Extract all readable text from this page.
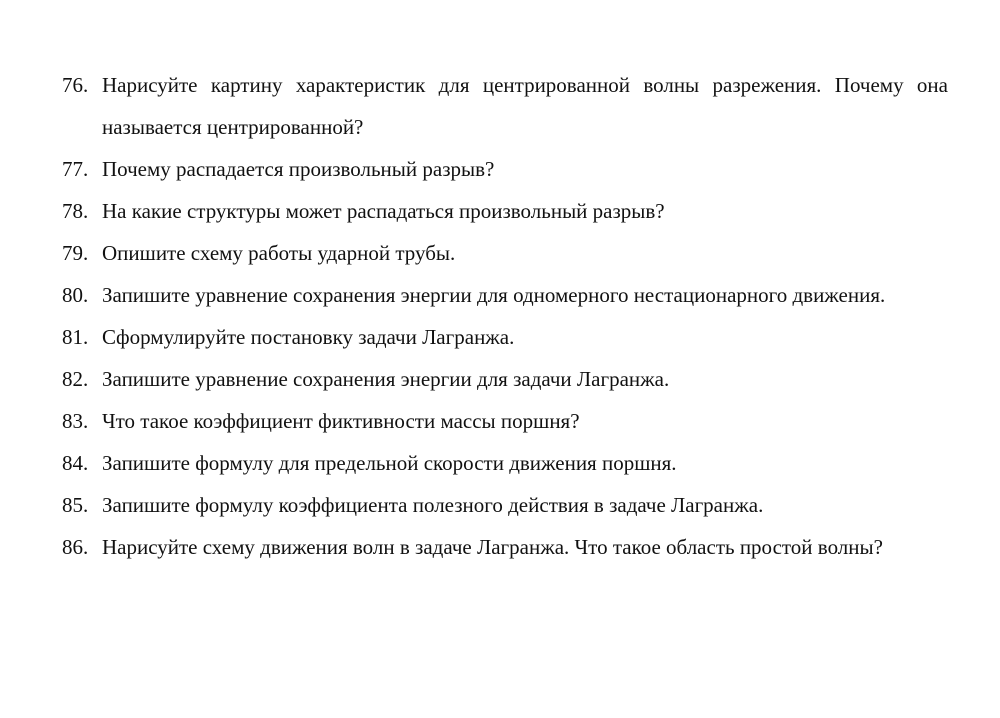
76. Нарисуйте картину характеристик для центрированной волны разрежения. Почему она называется центрированной?
77. Почему распадается произвольный разрыв?
78. На какие структуры может распадаться произвольный разрыв?
79. Опишите схему работы ударной трубы.
80. Запишите уравнение сохранения энергии для одномерного нестационарного движения.
81. Сформулируйте постановку задачи Лагранжа.
82. Запишите уравнение сохранения энергии для задачи Лагранжа.
83. Что такое коэффициент фиктивности массы поршня?
84. Запишите формулу для предельной скорости движения поршня.
85. Запишите формулу коэффициента полезного действия в задаче Лагранжа.
86. Нарисуйте схему движения волн в задаче Лагранжа. Что такое область простой волны?
